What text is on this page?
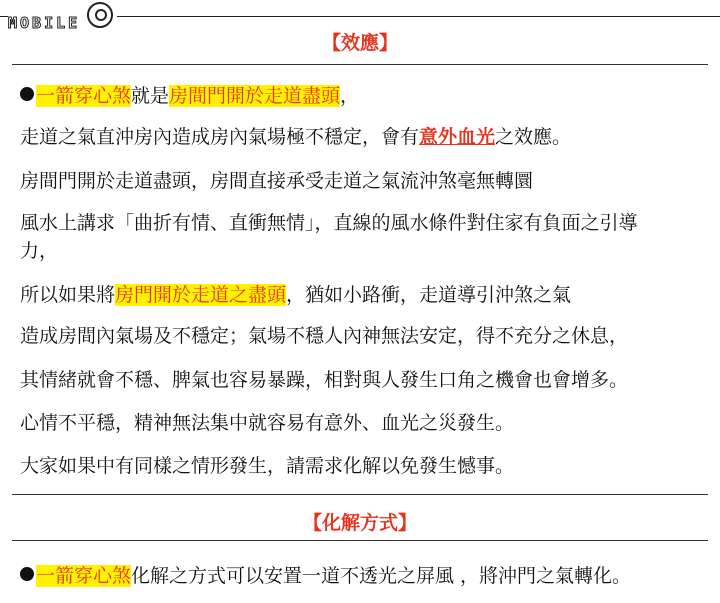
MOBILE
【效應】
一箭穿心煞就是房間門開於走道盡頭，
走道之氣直沖房內造成房內氣場極不穩定，會有意外血光之效應。
房間門開於走道盡頭，房間直接承受走道之氣流沖煞毫無轉圜
風水上講求「曲折有情、直衝無情」，直線的風水條件對住家有負面之引導力，
所以如果將房門開於走道之盡頭，猶如小路衝，走道導引沖煞之氣
造成房間內氣場及不穩定；氣場不穩人內神無法安定，得不充分之休息，
其情緒就會不穩、脾氣也容易暴躁，相對與人發生口角之機會也會增多。
心情不平穩，精神無法集中就容易有意外、血光之災發生。
大家如果中有同樣之情形發生，請需求化解以免發生憾事。
【化解方式】
一箭穿心煞化解之方式可以安置一道不透光之屏風 ，將沖門之氣轉化。
